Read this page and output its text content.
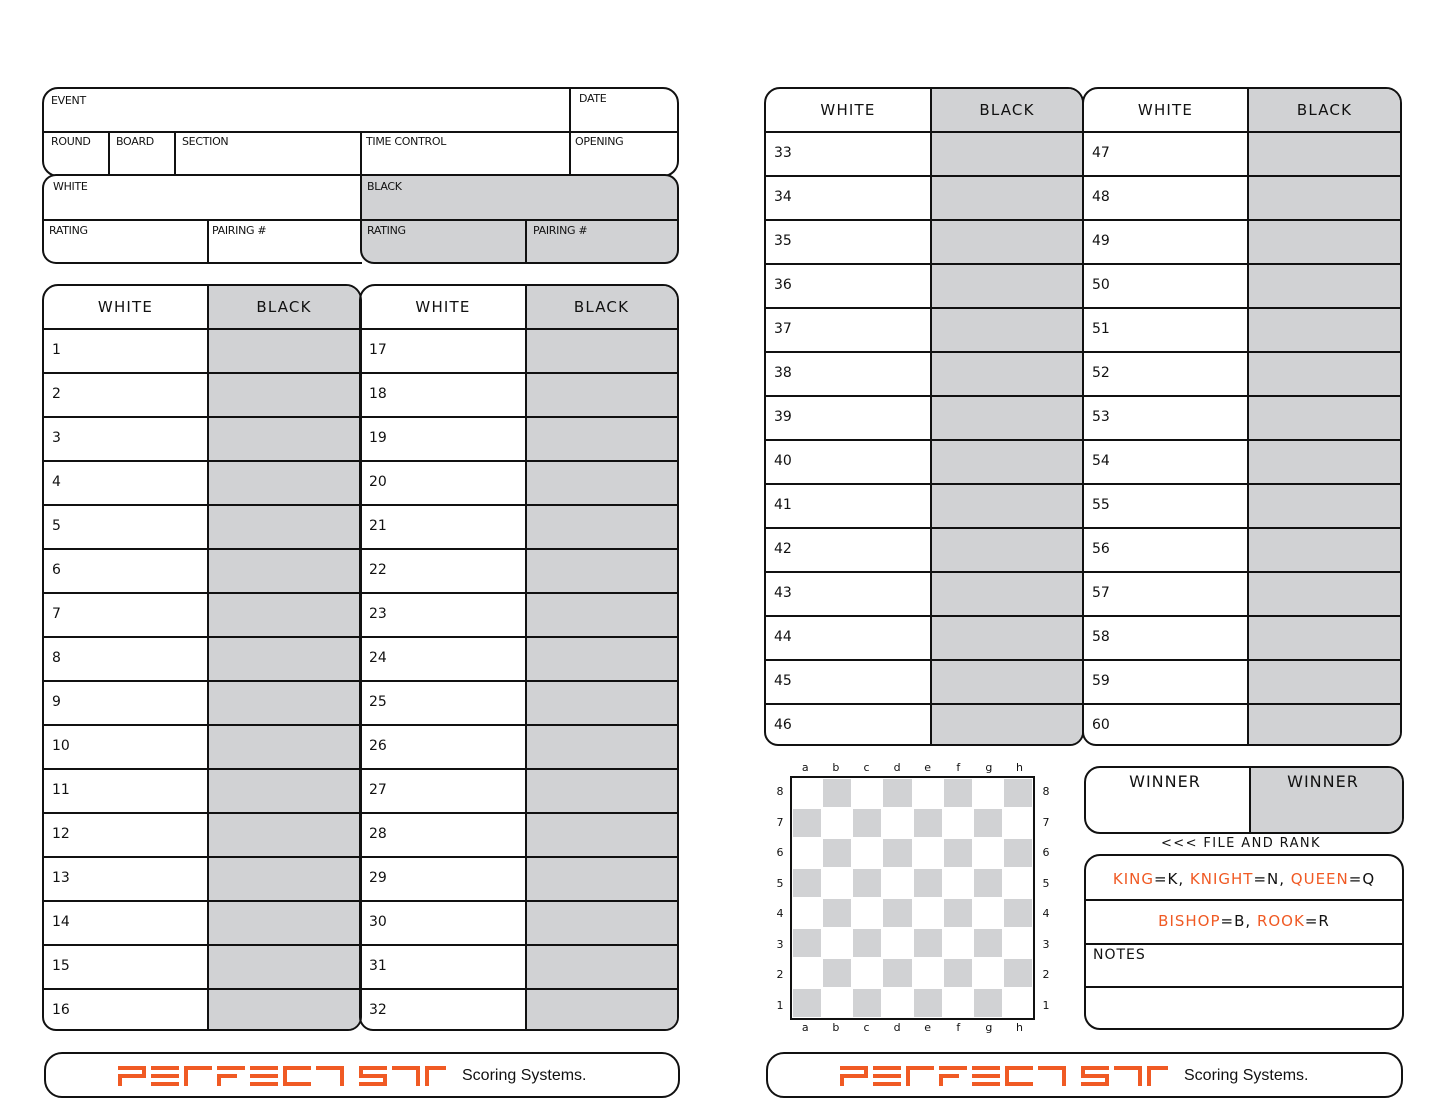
EVENT	DATE
ROUND BOARD	SECTION	TIME CONTROL	OPENING
WHITE
RATING	PAIRING #
BLACK
RATING	PAIRING #
WHITE	BLACK
1
2
3
4
5
6
7
8
9
10
11
12
13
14
15
16
WHITE	BLACK
17
18
19
20
21
22
23
24
25
26
27
28
29
30
31
32
Scoring Systems.
WHITE	BLACK
33
34
35
36
37
38
39
40
41
42
43
44
45
46
WHITE	BLACK
47
48
49
50
51
52
53
54
55
56
57
58
59
60
a	b	c	d	e	f	g	h
a	b	c	d	e	f	g	h
8
7
6
5
4
3
2
1
8
7
6
5
4
3
2
1
WINNER	WINNER
<<< FILE AND RANK
KING=K, KNIGHT=N, QUEEN=Q
BISHOP=B, ROOK=R
NOTES
Scoring Systems.
